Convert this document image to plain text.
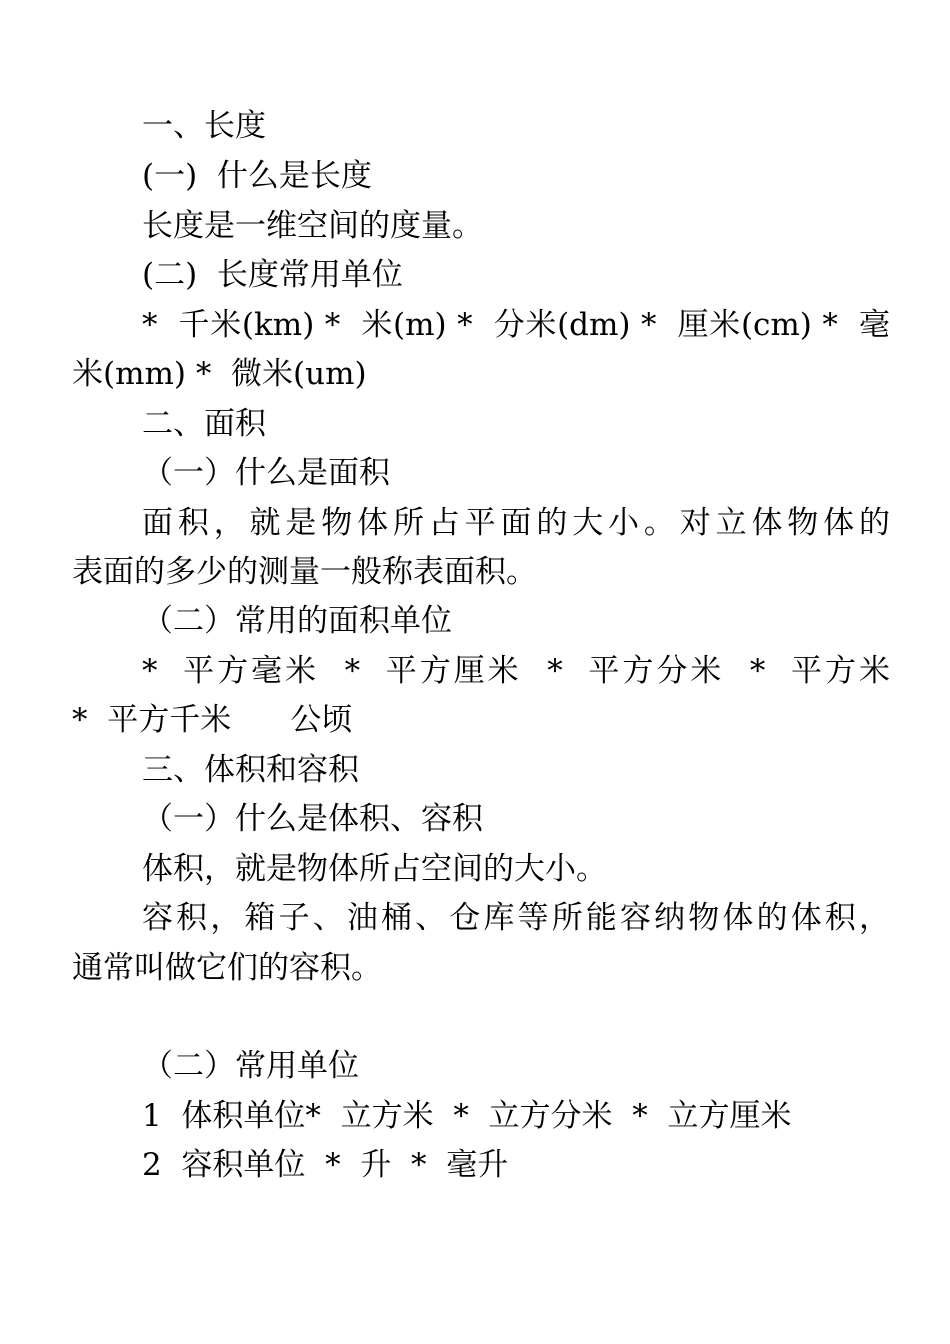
一、长度
(一)  什么是长度
长度是一维空间的度量。
(二)  长度常用单位
*  千米(km) *  米(m) *  分米(dm) *  厘米(cm) *  毫
米(mm) *  微米(um)
二、面积
（一）什么是面积
面积，就是物体所占平面的大小。对立体物体的
表面的多少的测量一般称表面积。
（二）常用的面积单位
*  平方毫米  *  平方厘米  *  平方分米  *  平方米
*  平方千米      公顷
三、体积和容积
（一）什么是体积、容积
体积，就是物体所占空间的大小。
容积，箱子、油桶、仓库等所能容纳物体的体积，
通常叫做它们的容积。
（二）常用单位
1  体积单位*  立方米  *  立方分米  *  立方厘米
2  容积单位  *  升  *  毫升
